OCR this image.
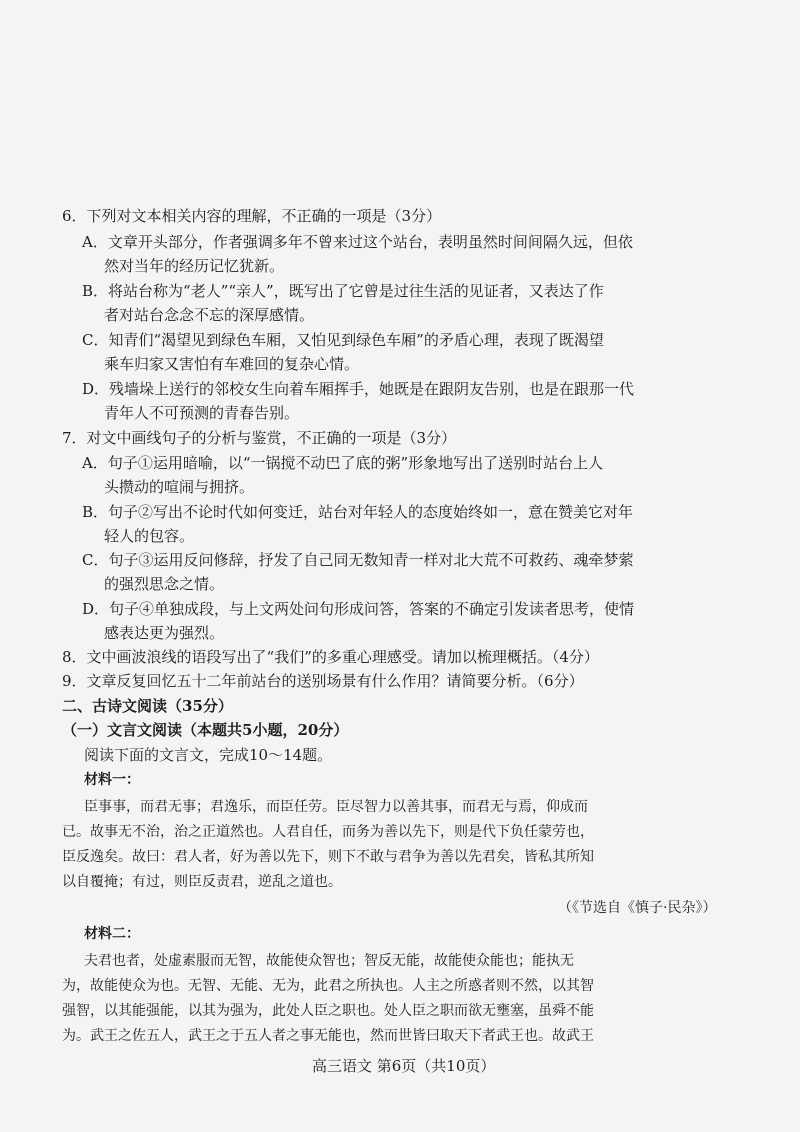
6．下列对文本相关内容的理解，不正确的一项是（3分）
A．文章开头部分，作者强调多年不曾来过这个站台，表明虽然时间间隔久远，但依
然对当年的经历记忆犹新。
B．将站台称为“老人”“亲人”，既写出了它曾是过往生活的见证者，又表达了作
者对站台念念不忘的深厚感情。
C．知青们“渴望见到绿色车厢，又怕见到绿色车厢”的矛盾心理，表现了既渴望
乘车归家又害怕有车难回的复杂心情。
D．残墙垛上送行的邻校女生向着车厢挥手，她既是在跟阴友告别，也是在跟那一代
青年人不可预测的青春告别。
7．对文中画线句子的分析与鉴赏，不正确的一项是（3分）
A．句子①运用暗喻，以“一锅搅不动巴了底的粥”形象地写出了送别时站台上人
头攒动的喧闹与拥挤。
B．句子②写出不论时代如何变迁，站台对年轻人的态度始终如一，意在赞美它对年
轻人的包容。
C．句子③运用反问修辞，抒发了自己同无数知青一样对北大荒不可救药、魂牵梦萦
的强烈思念之情。
D．句子④单独成段，与上文两处问句形成问答，答案的不确定引发读者思考，使情
感表达更为强烈。
8．文中画波浪线的语段写出了“我们”的多重心理感受。请加以梳理概括。（4分）
9．文章反复回忆五十二年前站台的送别场景有什么作用？请简要分析。（6分）
二、古诗文阅读（35分）
（一）文言文阅读（本题共5小题，20分）
阅读下面的文言文，完成10～14题。
材料一：
臣事事，而君无事；君逸乐，而臣任劳。臣尽智力以善其事，而君无与焉，仰成而
已。故事无不治，治之正道然也。人君自任，而务为善以先下，则是代下负任蒙劳也，
臣反逸矣。故曰：君人者，好为善以先下，则下不敢与君争为善以先君矣，皆私其所知
以自覆掩；有过，则臣反责君，逆乱之道也。
（《节选自《慎子·民杂》）
材料二：
夫君也者，处虚素服而无智，故能使众智也；智反无能，故能使众能也；能执无
为，故能使众为也。无智、无能、无为，此君之所执也。人主之所惑者则不然，以其智
强智，以其能强能，以其为强为，此处人臣之职也。处人臣之职而欲无壅塞，虽舜不能
为。武王之佐五人，武王之于五人者之事无能也，然而世皆曰取天下者武王也。故武王
高三语文 第6页（共10页）
